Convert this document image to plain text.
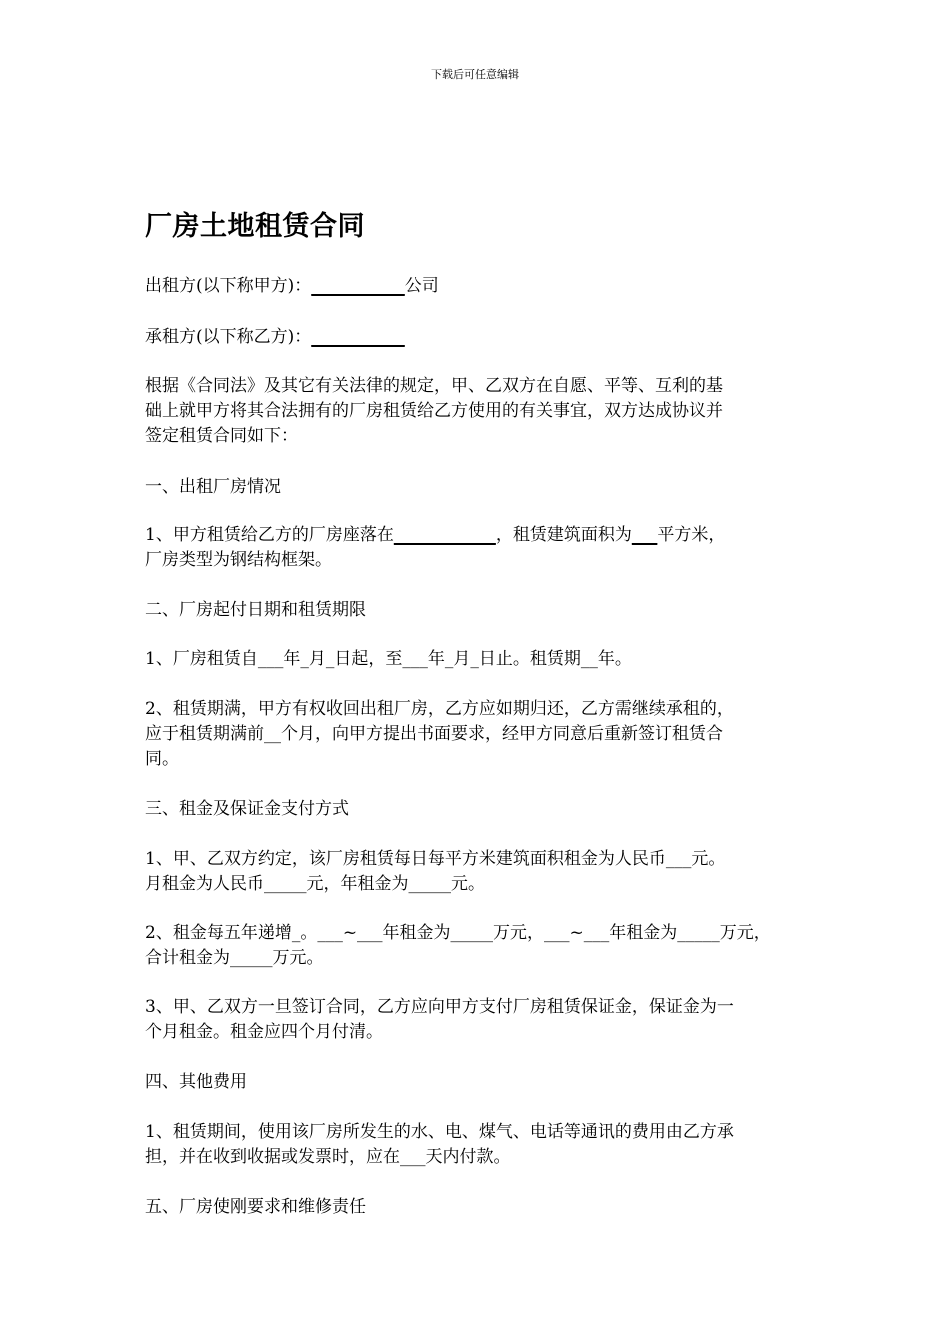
下载后可任意编辑
厂房土地租赁合同
出租方(以下称甲方)：___________公司
承租方(以下称乙方)：___________
根据《合同法》及其它有关法律的规定，甲、乙双方在自愿、平等、互利的基
础上就甲方将其合法拥有的厂房租赁给乙方使用的有关事宜，双方达成协议并
签定租赁合同如下：
一、出租厂房情况
1、甲方租赁给乙方的厂房座落在____________，租赁建筑面积为___平方米，
厂房类型为钢结构框架。
二、厂房起付日期和租赁期限
1、厂房租赁自___年_月_日起，至___年_月_日止。租赁期__年。
2、租赁期满，甲方有权收回出租厂房，乙方应如期归还，乙方需继续承租的，
应于租赁期满前__个月，向甲方提出书面要求，经甲方同意后重新签订租赁合
同。
三、租金及保证金支付方式
1、甲、乙双方约定，该厂房租赁每日每平方米建筑面积租金为人民币___元。
月租金为人民币_____元，年租金为_____元。
2、租金每五年递增_。___~___年租金为_____万元，___~___年租金为_____万元，
合计租金为_____万元。
3、甲、乙双方一旦签订合同，乙方应向甲方支付厂房租赁保证金，保证金为一
个月租金。租金应四个月付清。
四、其他费用
1、租赁期间，使用该厂房所发生的水、电、煤气、电话等通讯的费用由乙方承
担，并在收到收据或发票时，应在___天内付款。
五、厂房使刚要求和维修责任
